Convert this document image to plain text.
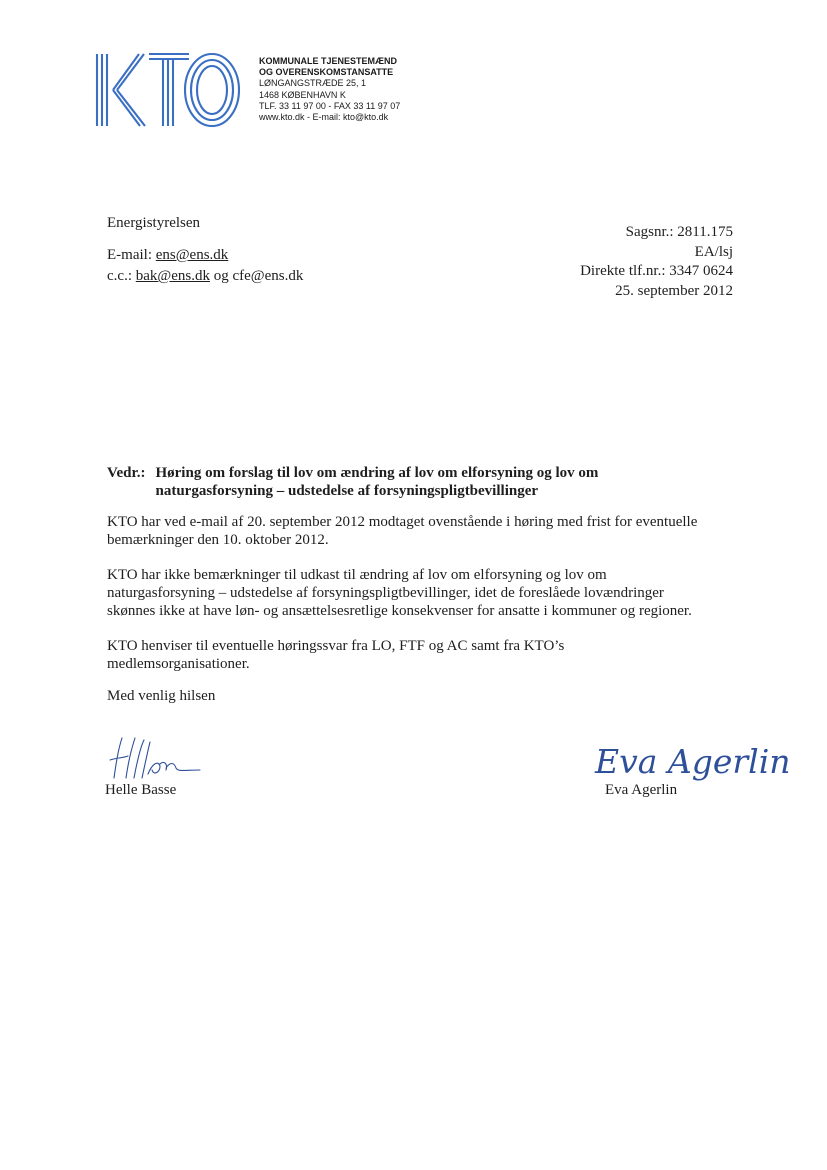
KOMMUNALE TJENESTEMÆND
OG OVERENSKOMSTANSATTE
LØNGANGSTRÆDE 25, 1
1468 KØBENHAVN K
TLF. 33 11 97 00 - FAX 33 11 97 07
www.kto.dk - E-mail: kto@kto.dk
Energistyrelsen
E-mail: ens@ens.dk
c.c.: bak@ens.dk og cfe@ens.dk
Sagsnr.: 2811.175
EA/lsj
Direkte tlf.nr.: 3347 0624
25. september 2012
Vedr.: Høring om forslag til lov om ændring af lov om elforsyning og lov om naturgasforsyning – udstedelse af forsyningspligtbevillinger

KTO har ved e-mail af 20. september 2012 modtaget ovenstående i høring med frist for eventuelle bemærkninger den 10. oktober 2012.

KTO har ikke bemærkninger til udkast til ændring af lov om elforsyning og lov om naturgasforsyning – udstedelse af forsyningspligtbevillinger, idet de foreslåede lovændringer skønnes ikke at have løn- og ansættelsesretlige konsekvenser for ansatte i kommuner og regioner.

KTO henviser til eventuelle høringssvar fra LO, FTF og AC samt fra KTO’s medlemsorganisationer.

Med venlig hilsen
Eva Agerlin
Helle Basse	Eva Agerlin
